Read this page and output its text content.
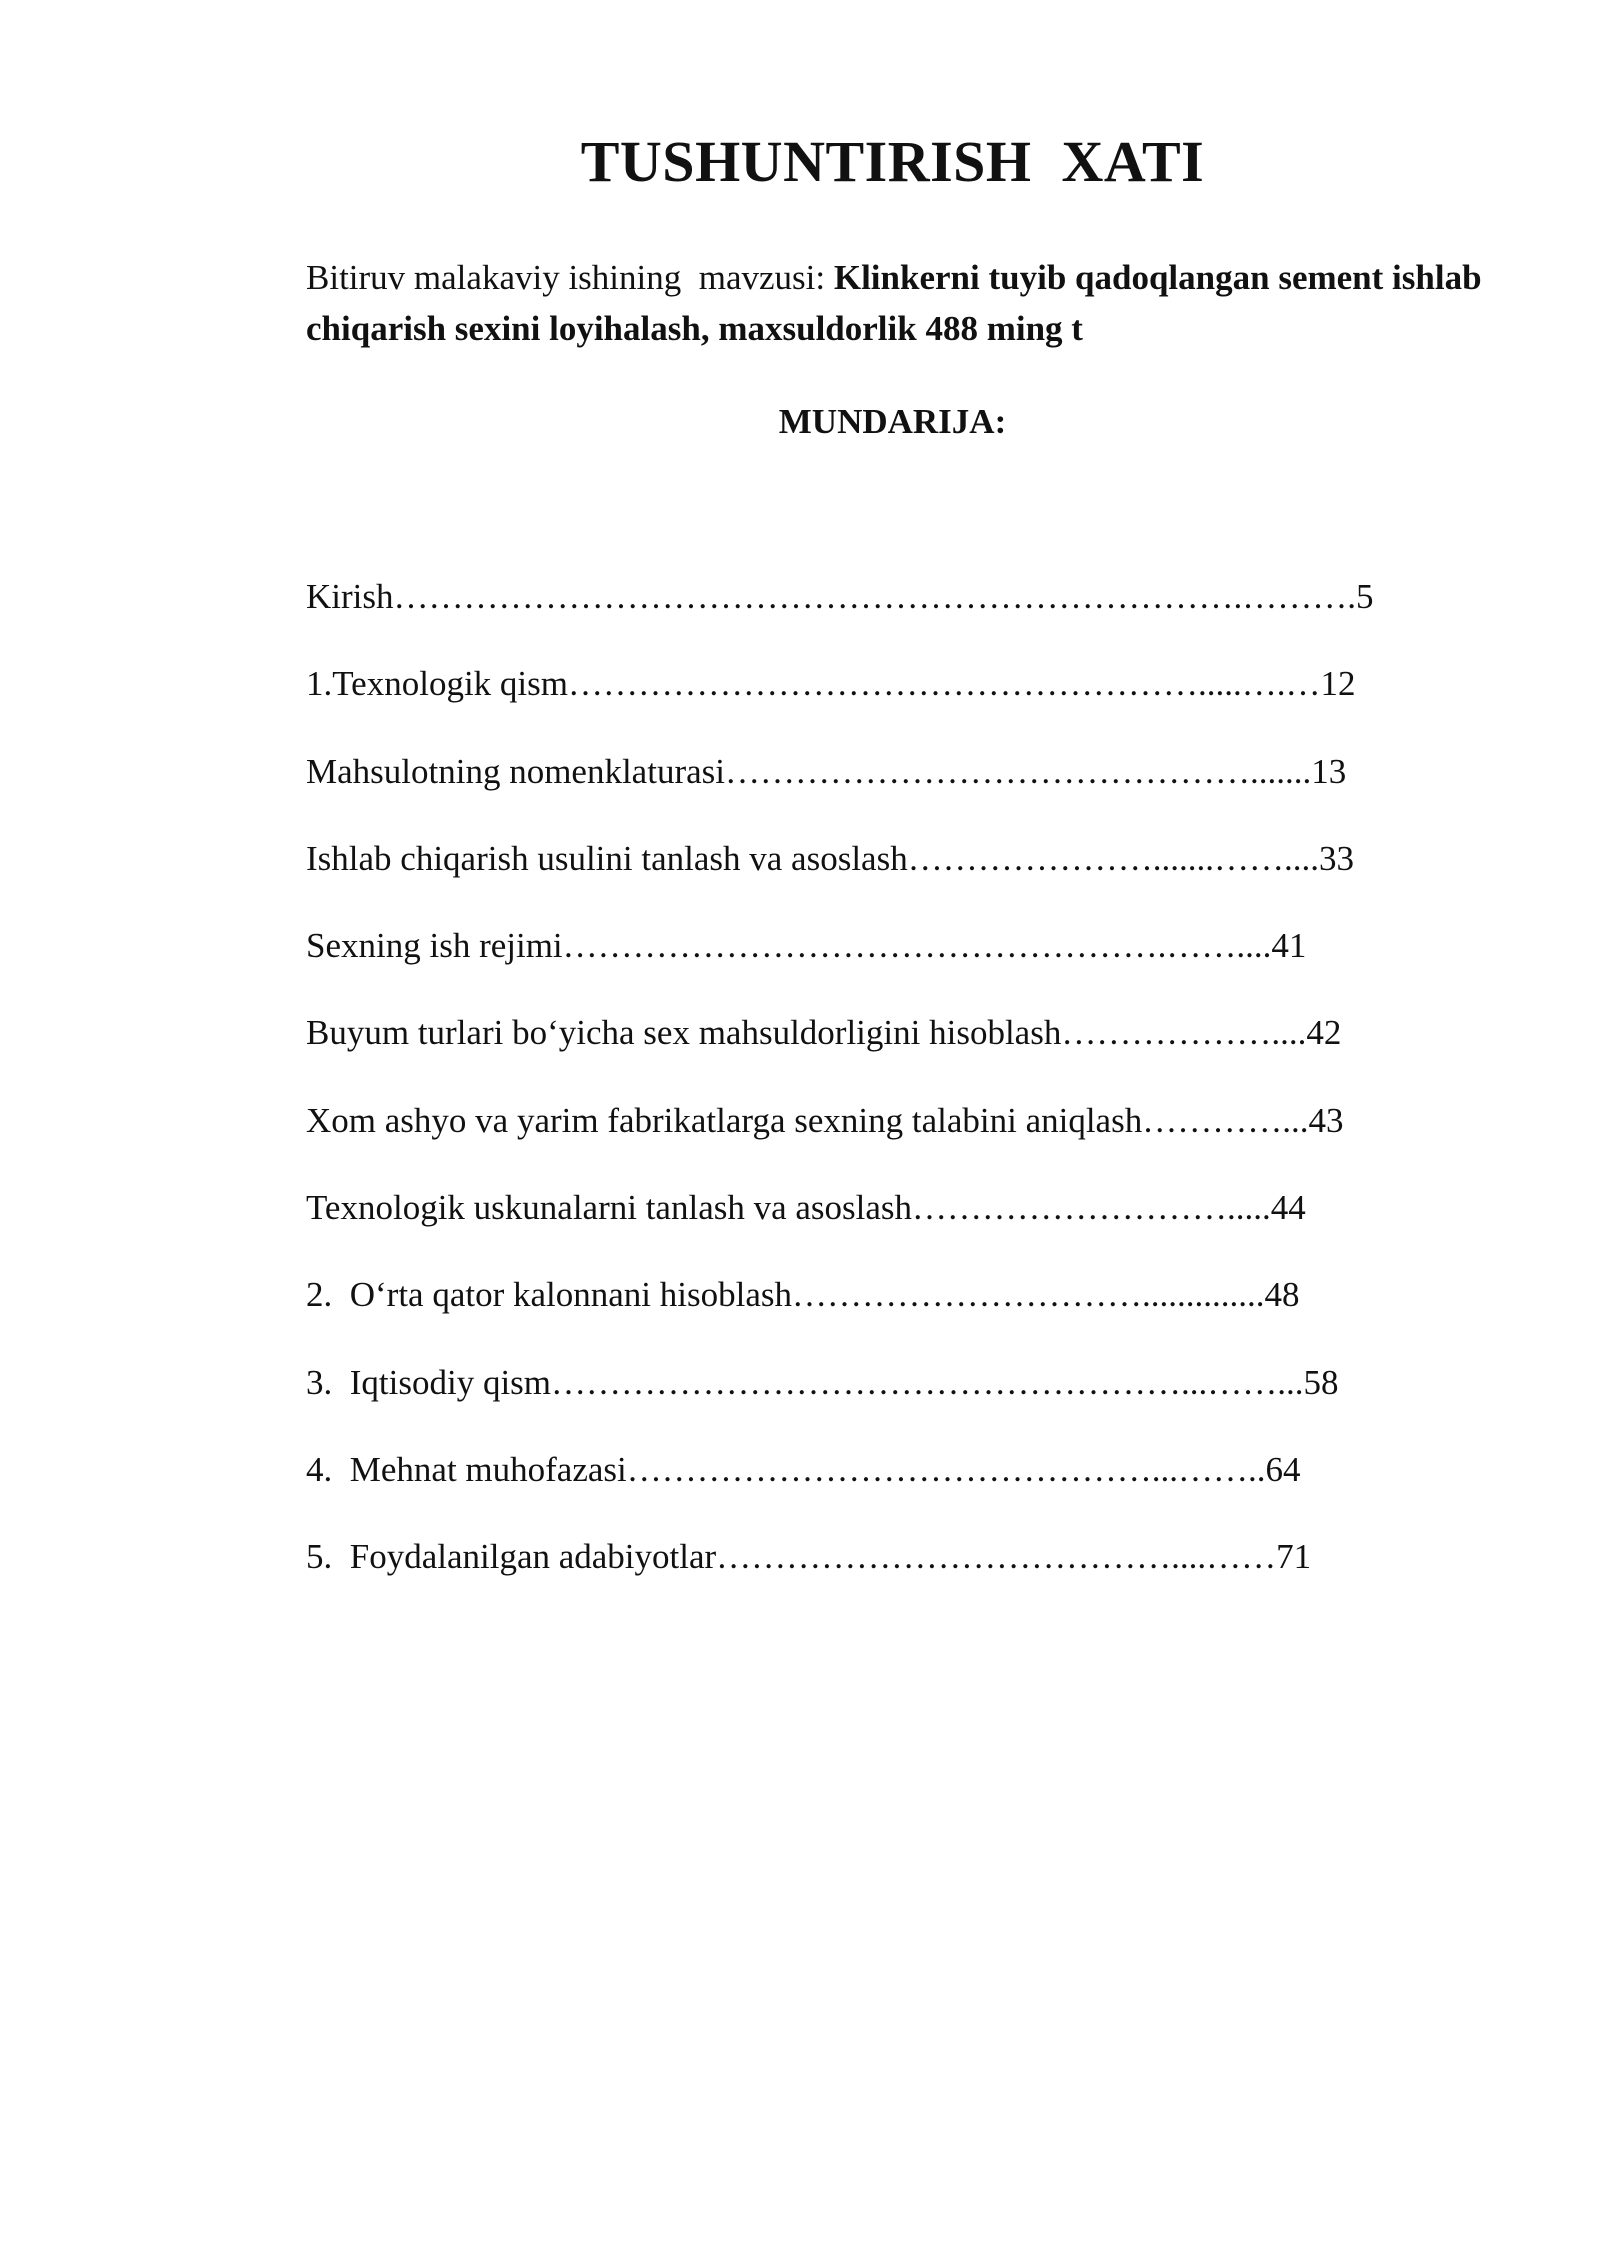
TUSHUNTIRISH  XATI

Bitiruv malakaviy ishining  mavzusi: Klinkerni tuyib qadoqlangan sement ishlab chiqarish sexini loyihalash, maxsuldorlik 488 ming t

MUNDARIJA:
Kirish……………………………………………………………….……….5
1.Texnologik qism……………………………………………….....….…12
Mahsulotning nomenklaturasi……………………………………….......13
Ishlab chiqarish usulini tanlash va asoslash………………….......……....33
Sexning ish rejimi…………………………………………….……....41
Buyum turlari bo‘yicha sex mahsuldorligini hisoblash………………....42
Xom ashyo va yarim fabrikatlarga sexning talabini aniqlash…………...43
Texnologik uskunalarni tanlash va asoslash……………………….....44
2.  O‘rta qator kalonnani hisoblash…………………………..............48
3.  Iqtisodiy qism………………………………………………...……...58
4.  Mehnat muhofazasi………………………………………...……..64
5.  Foydalanilgan adabiyotlar…………………………………....……71
